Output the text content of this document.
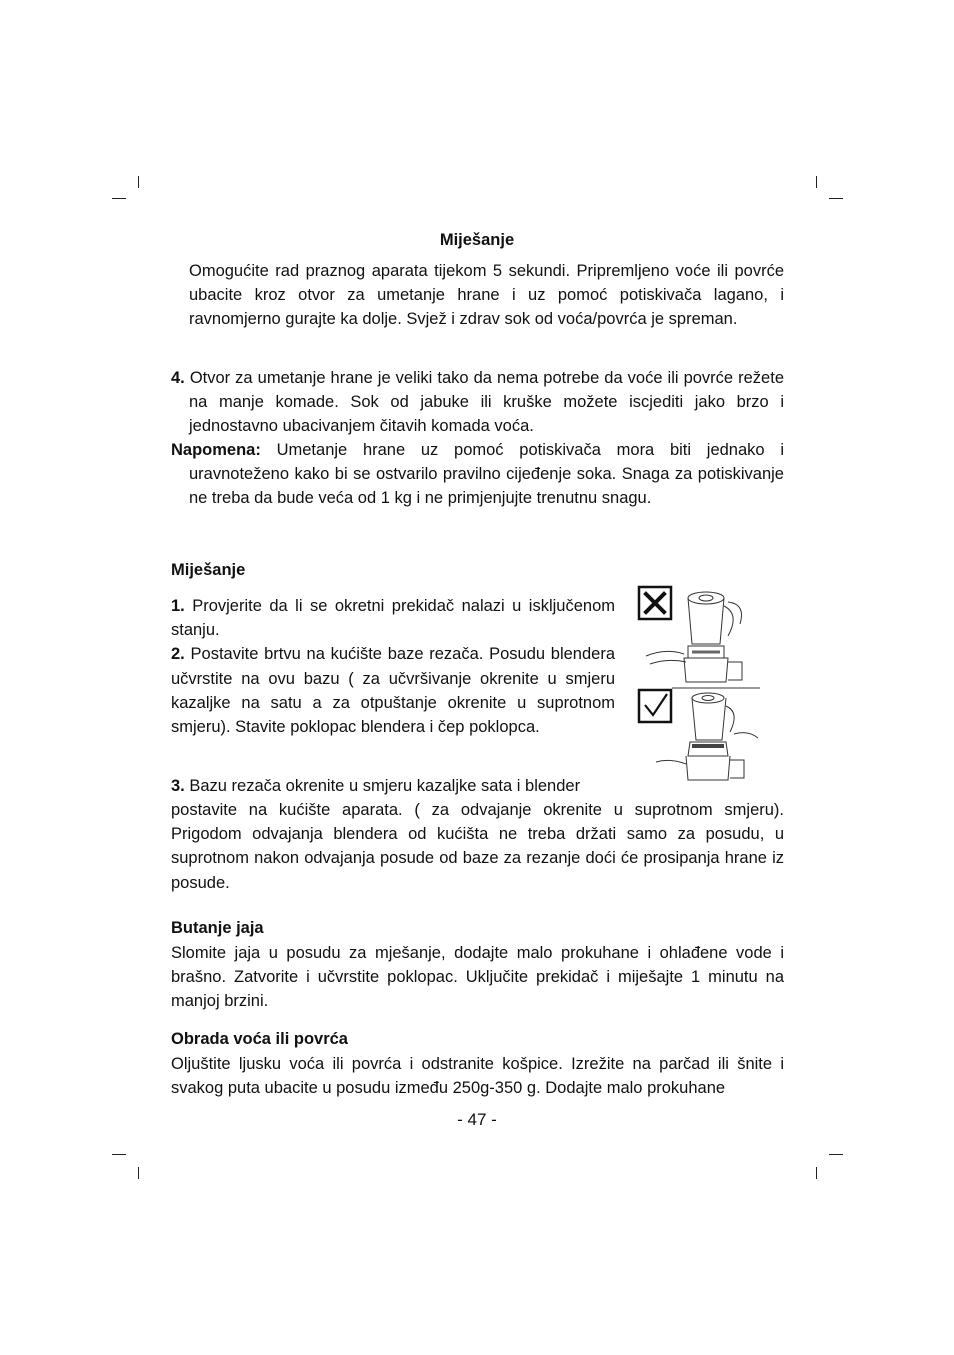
Miješanje

Omogućite rad praznog aparata tijekom 5 sekundi. Pripremljeno voće ili povrće ubacite kroz otvor za umetanje hrane i uz pomoć potiskivača lagano, i ravnomjerno gurajte ka dolje. Svjež i zdrav sok od voća/povrća je spreman.

4. Otvor za umetanje hrane je veliki tako da nema potrebe da voće ili povrće režete na manje komade. Sok od jabuke ili kruške možete iscjediti jako brzo i jednostavno ubacivanjem čitavih komada voća.

Napomena: Umetanje hrane uz pomoć potiskivača mora biti jednako i uravnoteženo kako bi se ostvarilo pravilno cijeđenje soka. Snaga za potiskivanje ne treba da bude veća od 1 kg i ne primjenjujte trenutnu snagu.

Miješanje

1. Provjerite da li se okretni prekidač nalazi u isključenom stanju.

2. Postavite brtvu na kućište baze rezača. Posudu blendera učvrstite na ovu bazu ( za učvršivanje okrenite u smjeru kazaljke na satu a za otpuštanje okrenite u suprotnom smjeru). Stavite poklopac blendera i čep poklopca.

3. Bazu rezača okrenite u smjeru kazaljke sata i blender

postavite na kućište aparata. ( za odvajanje okrenite u suprotnom smjeru). Prigodom odvajanja blendera od kućišta ne treba držati samo za posudu, u suprotnom nakon odvajanja posude od baze za rezanje doći će prosipanja hrane iz posude.

Butanje jaja

Slomite jaja u posudu za mješanje, dodajte malo prokuhane i ohlađene vode i brašno. Zatvorite i učvrstite poklopac. Uključite prekidač i miješajte 1 minutu na manjoj brzini.

Obrada voća ili povrća

Oljuštite ljusku voća ili povrća i odstranite košpice. Izrežite na parčad ili šnite i svakog puta ubacite u posudu između 250g-350 g. Dodajte malo prokuhane

- 47 -
